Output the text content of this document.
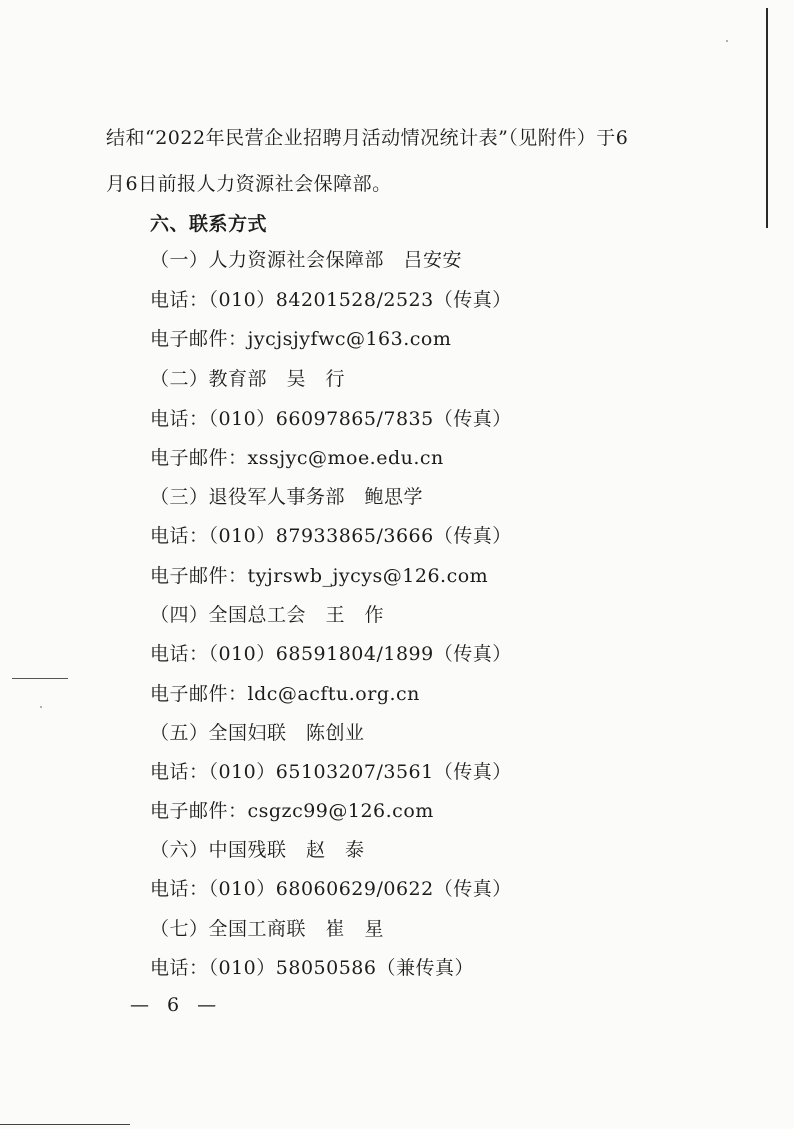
结和“2022年民营企业招聘月活动情况统计表”（见附件）于6
月6日前报人力资源社会保障部。
六、联系方式
（一）人力资源社会保障部　吕安安
电话：（010）84201528/2523（传真）
电子邮件：jycjsjyfwc@163.com
（二）教育部　吴　行
电话：（010）66097865/7835（传真）
电子邮件：xssjyc@moe.edu.cn
（三）退役军人事务部　鲍思学
电话：（010）87933865/3666（传真）
电子邮件：tyjrswb_jycys@126.com
（四）全国总工会　王　作
电话：（010）68591804/1899（传真）
电子邮件：ldc@acftu.org.cn
（五）全国妇联　陈创业
电话：（010）65103207/3561（传真）
电子邮件：csgzc99@126.com
（六）中国残联　赵　泰
电话：（010）68060629/0622（传真）
（七）全国工商联　崔　星
电话：（010）58050586（兼传真）
— 6 —
